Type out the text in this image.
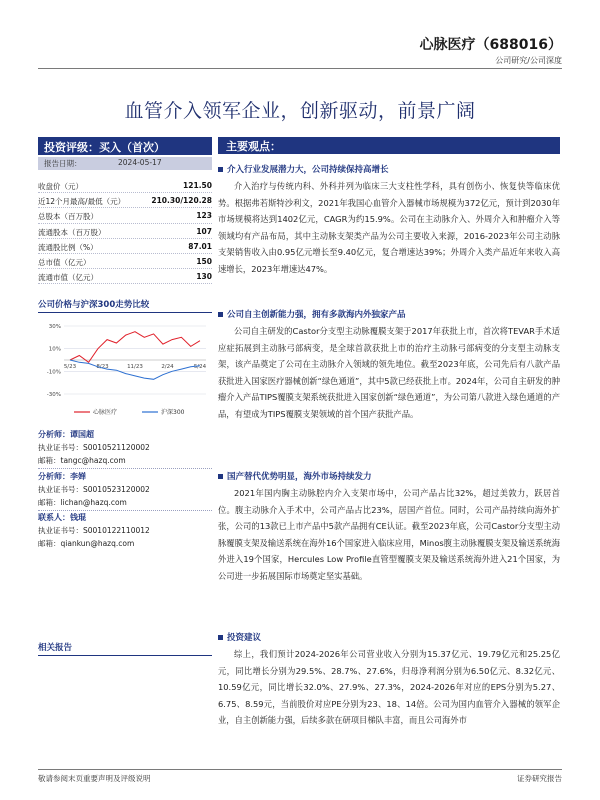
心脉医疗（688016）
公司研究/公司深度
血管介入领军企业，创新驱动，前景广阔
投资评级：买入（首次）
报告日期：	2024-05-17
收盘价（元）	121.50
近12个月最高/最低（元）	210.30/120.28
总股本（百万股）	123
流通股本（百万股）	107
流通股比例（%）	87.01
总市值（亿元）	150
流通市值（亿元）	130
公司价格与沪深300走势比较
30%
10%
-10%
-30%
5/23	8/23	11/23	2/24	5/24
心脉医疗	沪深300
分析师：谭国超
执业证书号：S0010521120002
邮箱：tangc@hazq.com
分析师：李婵
执业证书号：S0010523120002
邮箱：lichan@hazq.com
联系人：钱琨
执业证书号：S0010122110012
邮箱：qiankun@hazq.com
相关报告
主要观点：
介入行业发展潜力大，公司持续保持高增长
介入治疗与传统内科、外科并列为临床三大支柱性学科，具有创伤小、恢复快等临床优势。根据弗若斯特沙利文，2021年我国心血管介入器械市场规模为372亿元，预计到2030年市场规模将达到1402亿元，CAGR为约15.9%。公司在主动脉介入、外周介入和肿瘤介入等领域均有产品布局，其中主动脉支架类产品为公司主要收入来源，2016-2023年公司主动脉支架销售收入由0.95亿元增长至9.40亿元，复合增速达39%；外周介入类产品近年来收入高速增长，2023年增速达47%。
公司自主创新能力强，拥有多款海内外独家产品
公司自主研发的Castor分支型主动脉覆膜支架于2017年获批上市，首次将TEVAR手术适应症拓展到主动脉弓部病变，是全球首款获批上市的治疗主动脉弓部病变的分支型主动脉支架，该产品奠定了公司在主动脉介入领域的领先地位。截至2023年底，公司先后有八款产品获批进入国家医疗器械创新“绿色通道”，其中5款已经获批上市。2024年，公司自主研发的肿瘤介入产品TIPS覆膜支架系统获批进入国家创新“绿色通道”，为公司第八款进入绿色通道的产品，有望成为TIPS覆膜支架领域的首个国产获批产品。
国产替代优势明显，海外市场持续发力
2021年国内胸主动脉腔内介入支架市场中，公司产品占比32%，超过美敦力，跃居首位。腹主动脉介入手术中，公司产品占比23%，居国产首位。同时，公司产品持续向海外扩张，公司的13款已上市产品中5款产品拥有CE认证。截至2023年底，公司Castor分支型主动脉覆膜支架及输送系统在海外16个国家进入临床应用，Minos腹主动脉覆膜支架及输送系统海外进入19个国家，Hercules Low Profile直管型覆膜支架及输送系统海外进入21个国家，为公司进一步拓展国际市场奠定坚实基础。
投资建议
综上，我们预计2024-2026年公司营业收入分别为15.37亿元、19.79亿元和25.25亿元，同比增长分别为29.5%、28.7%、27.6%，归母净利润分别为6.50亿元、8.32亿元、10.59亿元，同比增长32.0%、27.9%、27.3%，2024-2026年对应的EPS分别为5.27、6.75、8.59元，当前股价对应PE分别为23、18、14倍。公司为国内血管介入器械的领军企业，自主创新能力强，后续多款在研项目梯队丰富，而且公司海外市
敬请参阅末页重要声明及评级说明	证券研究报告
